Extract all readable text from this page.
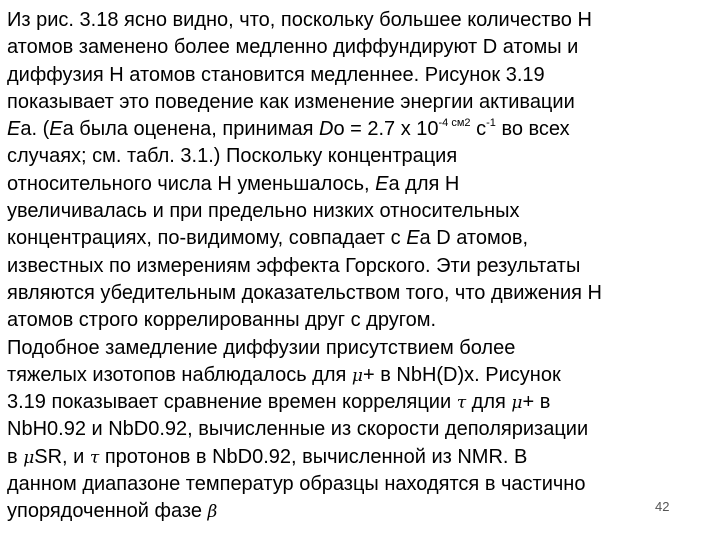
Из рис. 3.18 ясно видно, что, поскольку большее количество H
атомов заменено более медленно диффундируют D атомы и
диффузия H атомов становится медленнее. Рисунок 3.19
показывает это поведение как изменение энергии активации
Ea. (Ea была оценена, принимая Do = 2.7 x $10^{-4}$ $^{см2}$ $с^{-1}$ во всех
случаях; см. табл. 3.1.) Поскольку концентрация
относительного числа H уменьшалось, Ea для H
увеличивалась и при предельно низких относительных
концентрациях, по-видимому, совпадает с Ea D атомов,
известных по измерениям эффекта Горского. Эти результаты
являются убедительным доказательством того, что движения H
атомов строго коррелированны друг с другом.
Подобное замедление диффузии присутствием более
тяжелых изотопов наблюдалось для μ+ в NbH(D)x. Рисунок
3.19 показывает сравнение времен корреляции τ для μ+ в
NbH0.92 и NbD0.92, вычисленные из скорости деполяризации
в μSR, и τ протонов в NbD0.92, вычисленной из NMR. В
данном диапазоне температур образцы находятся в частично
упорядоченной фазе β	42
